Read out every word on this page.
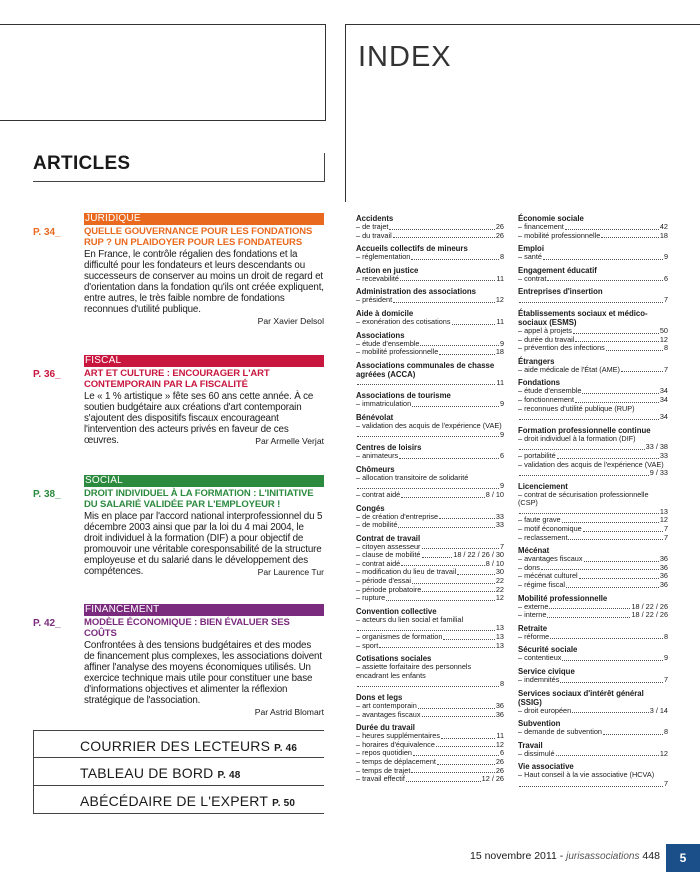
INDEX
ARTICLES
JURIDIQUE
P. 34_	QUELLE GOUVERNANCE POUR LES FONDATIONS RUP ? UN PLAIDOYER POUR LES FONDATEURS
En France, le contrôle régalien des fondations et la difficulté pour les fondateurs et leurs descendants ou successeurs de conserver au moins un droit de regard et d'orientation dans la fondation qu'ils ont créée expliquent, entre autres, le très faible nombre de fondations reconnues d'utilité publique.
Par Xavier Delsol
FISCAL
P. 36_	ART ET CULTURE : ENCOURAGER L'ART CONTEMPORAIN PAR LA FISCALITÉ
Le « 1 % artistique » fête ses 60 ans cette année. À ce soutien budgétaire aux créations d'art contemporain s'ajoutent des dispositifs fiscaux encourageant l'intervention des acteurs privés en faveur de ces œuvres.	Par Armelle Verjat
SOCIAL
P. 38_	DROIT INDIVIDUEL À LA FORMATION : L'INITIATIVE DU SALARIÉ VALIDÉE PAR L'EMPLOYEUR !
Mis en place par l'accord national interprofessionnel du 5 décembre 2003 ainsi que par la loi du 4 mai 2004, le droit individuel à la formation (DIF) a pour objectif de promouvoir une véritable coresponsabilité de la structure employeuse et du salarié dans le développement des compétences.	Par Laurence Tur
FINANCEMENT
P. 42_	MODÈLE ÉCONOMIQUE : BIEN ÉVALUER SES COÛTS
Confrontées à des tensions budgétaires et des modes de financement plus complexes, les associations doivent affiner l'analyse des moyens économiques utilisés. Un exercice technique mais utile pour constituer une base d'informations objectives et alimenter la réflexion stratégique de l'association.
Par Astrid Blomart
COURRIER DES LECTEURS P. 46
TABLEAU DE BORD P. 48
ABÉCÉDAIRE DE L'EXPERT P. 50
Accidents
– de trajet	26
– du travail	26
Accueils collectifs de mineurs
– réglementation	8
Action en justice
– recevabilité	11
Administration des associations
– président	12
Aide à domicile
– exonération des cotisations	11
Associations
– étude d'ensemble	9
– mobilité professionnelle	18
Associations communales de chasse agréées (ACCA)
11
Associations de tourisme
– immatriculation	9
Bénévolat
– validation des acquis de l'expérience (VAE)
9
Centres de loisirs
– animateurs	6
Chômeurs
– allocation transitoire de solidarité
9
– contrat aidé	8 / 10
Congés
– de création d'entreprise	33
– de mobilité	33
Contrat de travail
– citoyen assesseur	7
– clause de mobilité	18 / 22 / 26 / 30
– contrat aidé	8 / 10
– modification du lieu de travail	30
– période d'essai	22
– période probatoire	22
– rupture	12
Convention collective
– acteurs du lien social et familial
13
– organismes de formation	13
– sport	13
Cotisations sociales
– assiette forfaitaire des personnels encadrant les enfants
8
Dons et legs
– art contemporain	36
– avantages fiscaux	36
Durée du travail
– heures supplémentaires	11
– horaires d'équivalence	12
– repos quotidien	6
– temps de déplacement	26
– temps de trajet	26
– travail effectif	12 / 26
Économie sociale
– financement	42
– mobilité professionnelle	18
Emploi
– santé	9
Engagement éducatif
– contrat	6
Entreprises d'insertion
7
Établissements sociaux et médico-sociaux (ESMS)
– appel à projets	50
– durée du travail	12
– prévention des infections	8
Étrangers
– aide médicale de l'État (AME)	7
Fondations
– étude d'ensemble	34
– fonctionnement	34
– reconnues d'utilité publique (RUP)
34
Formation professionnelle continue
– droit individuel à la formation (DIF)
33 / 38
– portabilité	33
– validation des acquis de l'expérience (VAE)
9 / 33
Licenciement
– contrat de sécurisation professionnelle (CSP)
13
– faute grave	12
– motif économique	7
– reclassement	7
Mécénat
– avantages fiscaux	36
– dons	36
– mécénat culturel	36
– régime fiscal	36
Mobilité professionnelle
– externe	18 / 22 / 26
– interne	18 / 22 / 26
Retraite
– réforme	8
Sécurité sociale
– contentieux	9
Service civique
– indemnités	7
Services sociaux d'intérêt général (SSIG)
– droit européen	3 / 14
Subvention
– demande de subvention	8
Travail
– dissimulé	12
Vie associative
– Haut conseil à la vie associative (HCVA)
7
15 novembre 2011 - jurisassociations 448	5
